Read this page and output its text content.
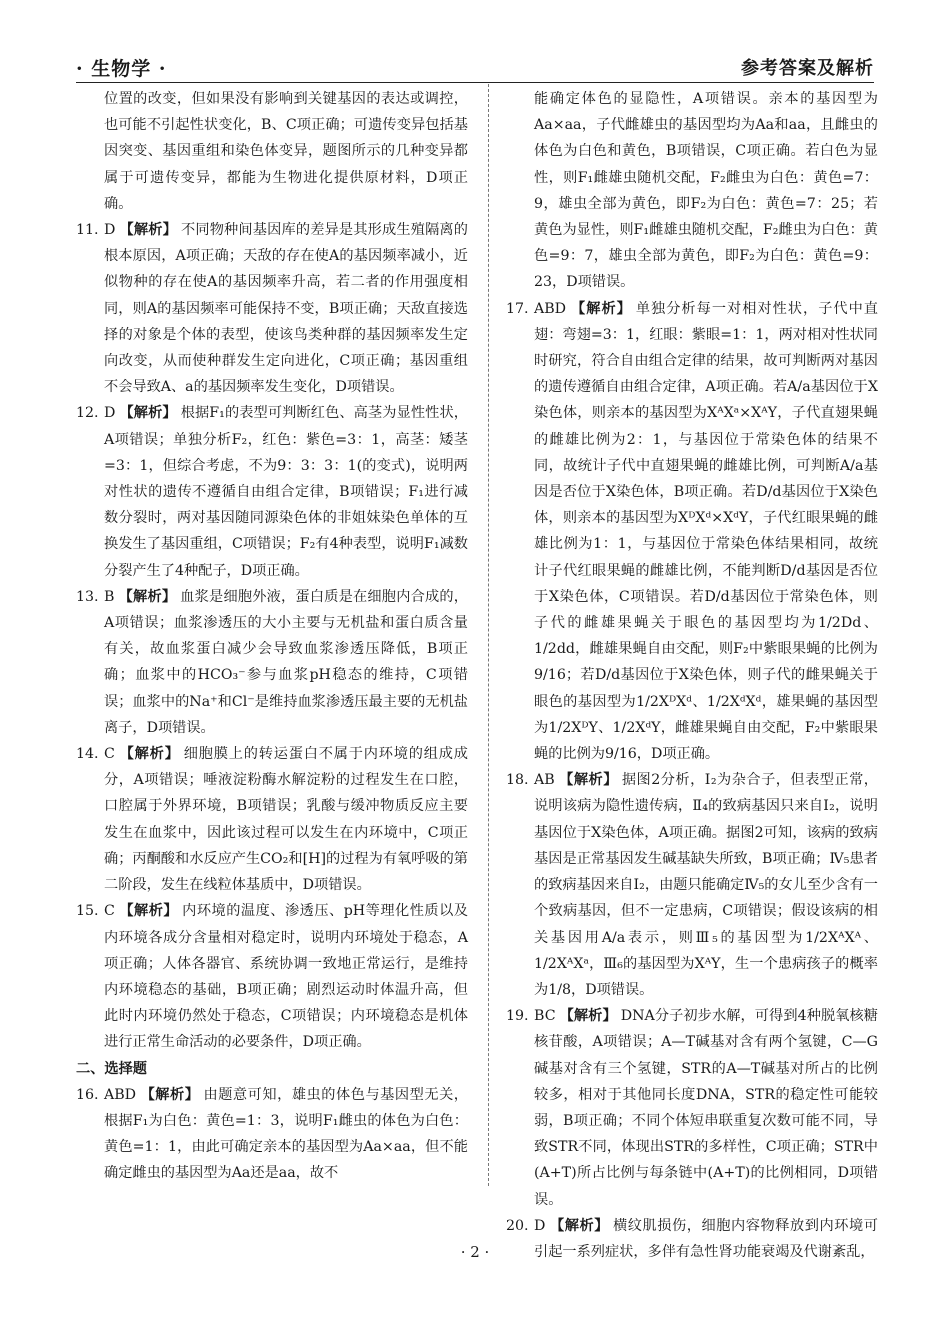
· 生物学 ·	参考答案及解析
位置的改变，但如果没有影响到关键基因的表达或调控，也可能不引起性状变化，B、C项正确；可遗传变异包括基因突变、基因重组和染色体变异，题图所示的几种变异都属于可遗传变异，都能为生物进化提供原材料，D项正确。
11. D 【解析】 不同物种间基因库的差异是其形成生殖隔离的根本原因，A项正确；天敌的存在使A的基因频率减小，近似物种的存在使A的基因频率升高，若二者的作用强度相同，则A的基因频率可能保持不变，B项正确；天敌直接选择的对象是个体的表型，使该鸟类种群的基因频率发生定向改变，从而使种群发生定向进化，C项正确；基因重组不会导致A、a的基因频率发生变化，D项错误。
12. D 【解析】 根据F₁的表型可判断红色、高茎为显性性状，A项错误；单独分析F₂，红色：紫色=3：1，高茎：矮茎=3：1，但综合考虑，不为9：3：3：1(的变式)，说明两对性状的遗传不遵循自由组合定律，B项错误；F₁进行减数分裂时，两对基因随同源染色体的非姐妹染色单体的互换发生了基因重组，C项错误；F₂有4种表型，说明F₁减数分裂产生了4种配子，D项正确。
13. B 【解析】 血浆是细胞外液，蛋白质是在细胞内合成的，A项错误；血浆渗透压的大小主要与无机盐和蛋白质含量有关，故血浆蛋白减少会导致血浆渗透压降低，B项正确；血浆中的HCO₃⁻参与血浆pH稳态的维持，C项错误；血浆中的Na⁺和Cl⁻是维持血浆渗透压最主要的无机盐离子，D项错误。
14. C 【解析】 细胞膜上的转运蛋白不属于内环境的组成成分，A项错误；唾液淀粉酶水解淀粉的过程发生在口腔，口腔属于外界环境，B项错误；乳酸与缓冲物质反应主要发生在血浆中，因此该过程可以发生在内环境中，C项正确；丙酮酸和水反应产生CO₂和[H]的过程为有氧呼吸的第二阶段，发生在线粒体基质中，D项错误。
15. C 【解析】 内环境的温度、渗透压、pH等理化性质以及内环境各成分含量相对稳定时，说明内环境处于稳态，A项正确；人体各器官、系统协调一致地正常运行，是维持内环境稳态的基础，B项正确；剧烈运动时体温升高，但此时内环境仍然处于稳态，C项错误；内环境稳态是机体进行正常生命活动的必要条件，D项正确。
二、选择题
16. ABD 【解析】 由题意可知，雄虫的体色与基因型无关，根据F₁为白色：黄色=1：3，说明F₁雌虫的体色为白色：黄色=1：1，由此可确定亲本的基因型为Aa×aa，但不能确定雌虫的基因型为Aa还是aa，故不
能确定体色的显隐性，A项错误。亲本的基因型为Aa×aa，子代雌雄虫的基因型均为Aa和aa，且雌虫的体色为白色和黄色，B项错误，C项正确。若白色为显性，则F₁雌雄虫随机交配，F₂雌虫为白色：黄色=7：9，雄虫全部为黄色，即F₂为白色：黄色=7：25；若黄色为显性，则F₁雌雄虫随机交配，F₂雌虫为白色：黄色=9：7，雄虫全部为黄色，即F₂为白色：黄色=9：23，D项错误。
17. ABD 【解析】 单独分析每一对相对性状，子代中直翅：弯翅=3：1，红眼：紫眼=1：1，两对相对性状同时研究，符合自由组合定律的结果，故可判断两对基因的遗传遵循自由组合定律，A项正确。若A/a基因位于X染色体，则亲本的基因型为XᴬXᵃ×XᴬY，子代直翅果蝇的雌雄比例为2：1，与基因位于常染色体的结果不同，故统计子代中直翅果蝇的雌雄比例，可判断A/a基因是否位于X染色体，B项正确。若D/d基因位于X染色体，则亲本的基因型为XᴰXᵈ×XᵈY，子代红眼果蝇的雌雄比例为1：1，与基因位于常染色体结果相同，故统计子代红眼果蝇的雌雄比例，不能判断D/d基因是否位于X染色体，C项错误。若D/d基因位于常染色体，则子代的雌雄果蝇关于眼色的基因型均为1/2Dd、1/2dd，雌雄果蝇自由交配，则F₂中紫眼果蝇的比例为9/16；若D/d基因位于X染色体，则子代的雌果蝇关于眼色的基因型为1/2XᴰXᵈ、1/2XᵈXᵈ，雄果蝇的基因型为1/2XᴰY、1/2XᵈY，雌雄果蝇自由交配，F₂中紫眼果蝇的比例为9/16，D项正确。
18. AB 【解析】 据图2分析，Ⅰ₂为杂合子，但表型正常，说明该病为隐性遗传病，Ⅱ₄的致病基因只来自Ⅰ₂，说明基因位于X染色体，A项正确。据图2可知，该病的致病基因是正常基因发生碱基缺失所致，B项正确；Ⅳ₅患者的致病基因来自Ⅰ₂，由题只能确定Ⅳ₅的女儿至少含有一个致病基因，但不一定患病，C项错误；假设该病的相关基因用A/a表示，则Ⅲ₅的基因型为1/2XᴬXᴬ、1/2XᴬXᵃ，Ⅲ₆的基因型为XᴬY，生一个患病孩子的概率为1/8，D项错误。
19. BC 【解析】 DNA分子初步水解，可得到4种脱氧核糖核苷酸，A项错误；A—T碱基对含有两个氢键，C—G碱基对含有三个氢键，STR的A—T碱基对所占的比例较多，相对于其他同长度DNA，STR的稳定性可能较弱，B项正确；不同个体短串联重复次数可能不同，导致STR不同，体现出STR的多样性，C项正确；STR中(A+T)所占比例与每条链中(A+T)的比例相同，D项错误。
20. D 【解析】 横纹肌损伤，细胞内容物释放到内环境可引起一系列症状，多伴有急性肾功能衰竭及代谢紊乱，
· 2 ·
